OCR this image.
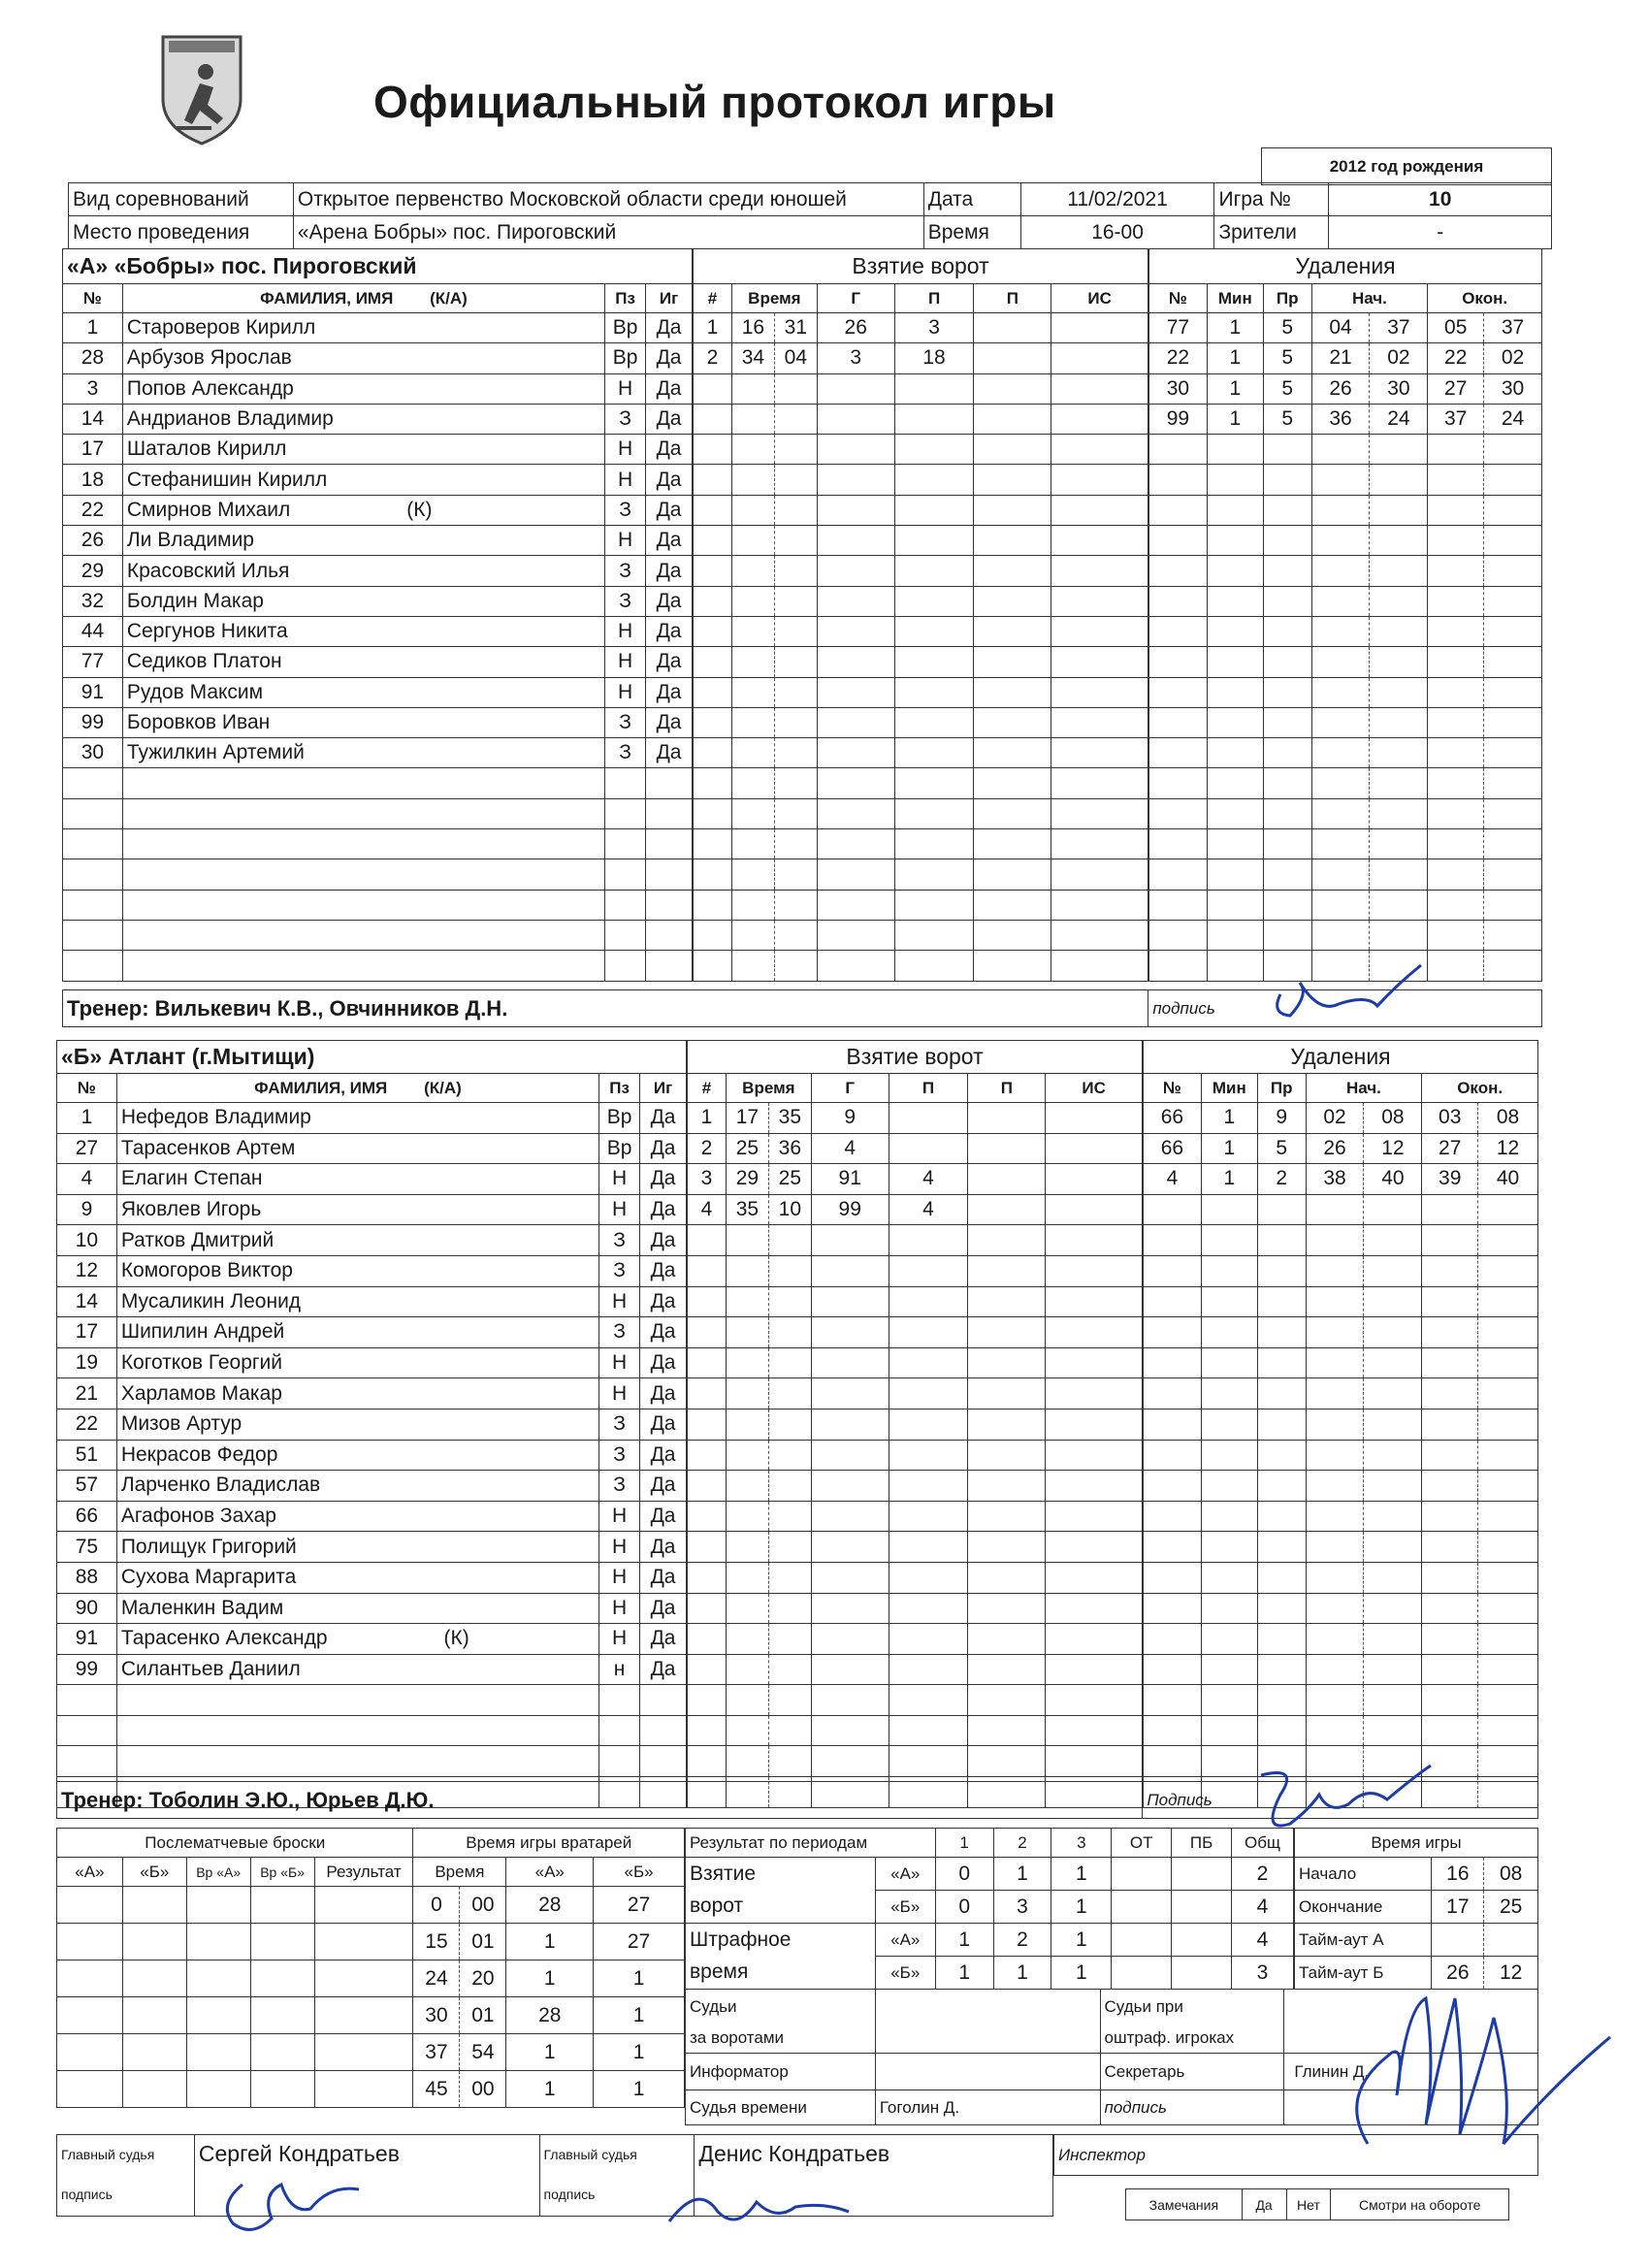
Официальный протокол игры
2012 год рождения
Вид соревнований	Открытое первенство Московской области среди юношей	Дата	11/02/2021	Игра №	10
Место проведения	«Арена Бобры» пос. Пироговский	Время	16-00	Зрители	-
«А» «Бобры» пос. Пироговский			
№	ФАМИЛИЯ, ИМЯ (К/А)	Пз	Иг
1	Староверов Кирилл	Вр	Да
28	Арбузов Ярослав	Вр	Да
3	Попов Александр	Н	Да
14	Андрианов Владимир	З	Да
17	Шаталов Кирилл	Н	Да
18	Стефанишин Кирилл	Н	Да
22	Смирнов Михаил (К)	З	Да
26	Ли Владимир	Н	Да
29	Красовский Илья	З	Да
32	Болдин Макар	З	Да
44	Сергунов Никита	Н	Да
77	Седиков Платон	Н	Да
91	Рудов Максим	Н	Да
99	Боровков Иван	З	Да
30	Тужилкин Артемий	З	Да

Взятие ворот						
#	Время		Г	П	П	ИС
1	16	31	26	3		
2	34	04	3	18		

Удаления						
№	Мин	Пр	Нач.		Окон.	
77	1	5	04	37	05	37
22	1	5	21	02	22	02
30	1	5	26	30	27	30
99	1	5	36	24	37	24

Тренер: Вилькевич К.В., Овчинников Д.Н.	подпись
«Б» Атлант (г.Мытищи)			
№	ФАМИЛИЯ, ИМЯ (К/А)	Пз	Иг
1	Нефедов Владимир	Вр	Да
27	Тарасенков Артем	Вр	Да
4	Елагин Степан	Н	Да
9	Яковлев Игорь	Н	Да
10	Ратков Дмитрий	З	Да
12	Комогоров Виктор	З	Да
14	Мусаликин Леонид	Н	Да
17	Шипилин Андрей	З	Да
19	Коготков Георгий	Н	Да
21	Харламов Макар	Н	Да
22	Мизов Артур	З	Да
51	Некрасов Федор	З	Да
57	Ларченко Владислав	З	Да
66	Агафонов Захар	Н	Да
75	Полищук Григорий	Н	Да
88	Сухова Маргарита	Н	Да
90	Маленкин Вадим	Н	Да
91	Тарасенко Александр (К)	Н	Да
99	Силантьев Даниил	н	Да

Взятие ворот						
#	Время		Г	П	П	ИС
1	17	35	9			
2	25	36	4			
3	29	25	91	4		
4	35	10	99	4		

Удаления						
№	Мин	Пр	Нач.		Окон.	
66	1	9	02	08	03	08
66	1	5	26	12	27	12
4	1	2	38	40	39	40

Тренер: Тоболин Э.Ю., Юрьев Д.Ю.	Подпись
Послематчевые броски					Время игры вратарей			
«А»	«Б»	Вр «А»	Вр «Б»	Результат	Время		«А»	«Б»
					0	00	28	27
					15	01	1	27
					24	20	1	1
					30	01	28	1
					37	54	1	1
					45	00	1	1
Результат по периодам		1	2	3	ОТ	ПБ	Общ
Взятие	«А»	0	1	1			2
ворот	«Б»	0	3	1			4
Штрафное	«А»	1	2	1			4
время	«Б»	1	1	1			3
Время игры		
Начало	16	08
Окончание	17	25
Тайм-аут А		
Тайм-аут Б	26	12
Судьи		Судьи при	
за воротами		оштраф. игроках	
Информатор		Секретарь	Глинин Д.
Судья времени	Гоголин Д.	подпись	
Главный судья	Сергей Кондратьев	Главный судья	Денис Кондратьев
подпись		подпись	
Инспектор
Замечания	Да	Нет	Смотри на обороте
